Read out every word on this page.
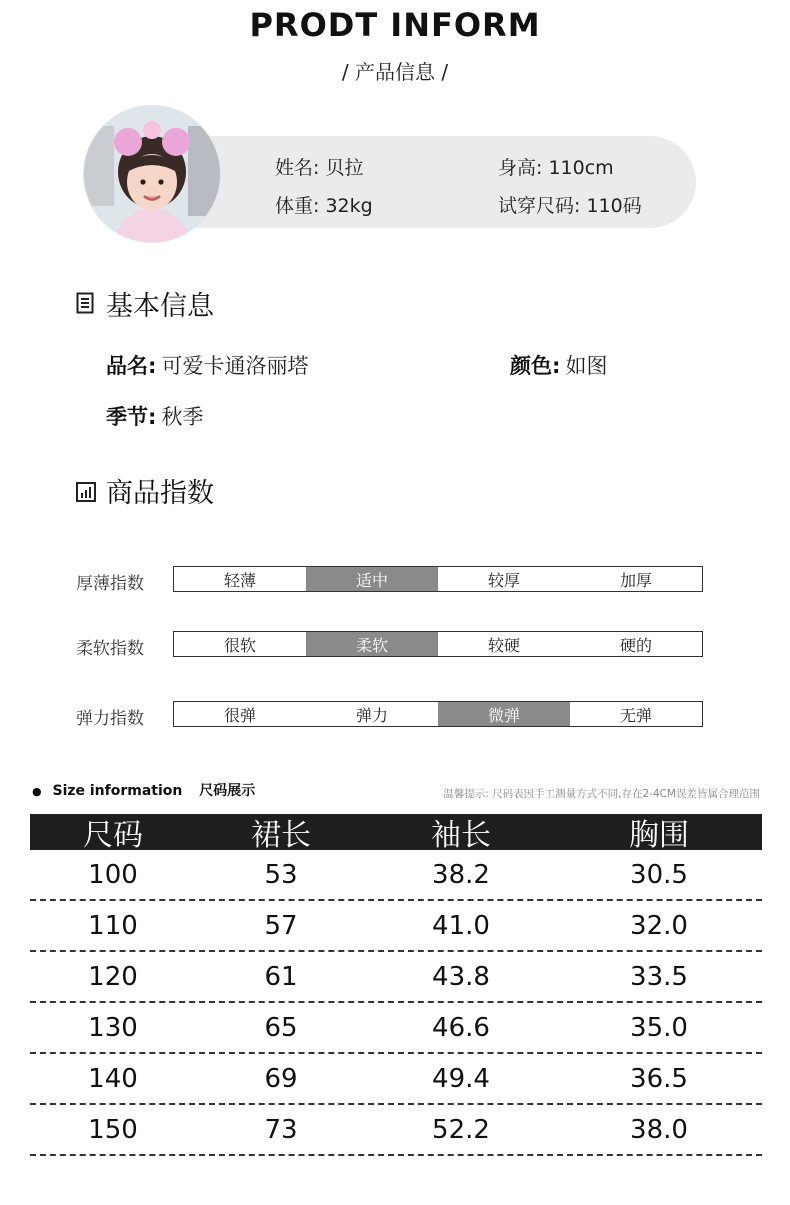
PRODT INFORM
/ 产品信息 /
姓名: 贝拉
体重: 32kg
身高: 110cm
试穿尺码: 110码
基本信息
品名: 可爱卡通洛丽塔	颜色: 如图
季节: 秋季
商品指数
厚薄指数	轻薄	适中	较厚	加厚
柔软指数	很软	柔软	较硬	硬的
弹力指数	很弹	弹力	微弹	无弹
● Size information 尺码展示	温馨提示: 尺码表因手工测量方式不同,存在2-4CM误差皆属合理范围
尺码	裙长	袖长	胸围
100	53	38.2	30.5
110	57	41.0	32.0
120	61	43.8	33.5
130	65	46.6	35.0
140	69	49.4	36.5
150	73	52.2	38.0
